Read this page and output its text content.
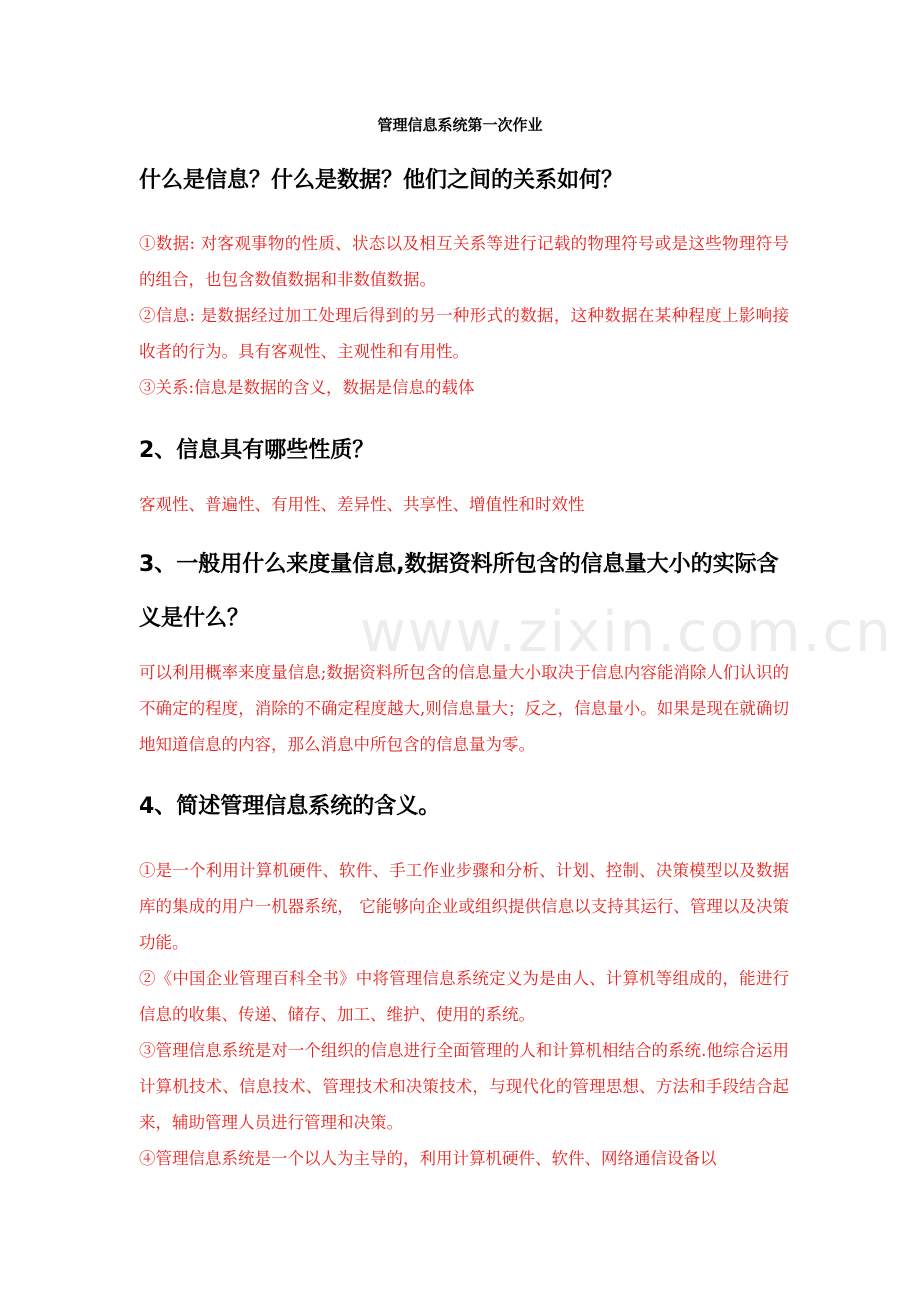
管理信息系统第一次作业
什么是信息？什么是数据？他们之间的关系如何？

①数据: 对客观事物的性质、状态以及相互关系等进行记载的物理符号或是这些物理符号的组合，也包含数值数据和非数值数据。

②信息: 是数据经过加工处理后得到的另一种形式的数据，这种数据在某种程度上影响接收者的行为。具有客观性、主观性和有用性。

③关系:信息是数据的含义，数据是信息的载体

2、信息具有哪些性质？

客观性、普遍性、有用性、差异性、共享性、增值性和时效性

3、一般用什么来度量信息,数据资料所包含的信息量大小的实际含义是什么？

可以利用概率来度量信息;数据资料所包含的信息量大小取决于信息内容能消除人们认识的不确定的程度，消除的不确定程度越大,则信息量大；反之，信息量小。如果是现在就确切地知道信息的内容，那么消息中所包含的信息量为零。

4、简述管理信息系统的含义。

①是一个利用计算机硬件、软件、手工作业步骤和分析、计划、控制、决策模型以及数据库的集成的用户一机器系统， 它能够向企业或组织提供信息以支持其运行、管理以及决策功能。

②《中国企业管理百科全书》中将管理信息系统定义为是由人、计算机等组成的，能进行信息的收集、传递、储存、加工、维护、使用的系统。

③管理信息系统是对一个组织的信息进行全面管理的人和计算机相结合的系统.他综合运用计算机技术、信息技术、管理技术和决策技术，与现代化的管理思想、方法和手段结合起来，辅助管理人员进行管理和决策。

④管理信息系统是一个以人为主导的，利用计算机硬件、软件、网络通信设备以

www.zixin.com.cn
